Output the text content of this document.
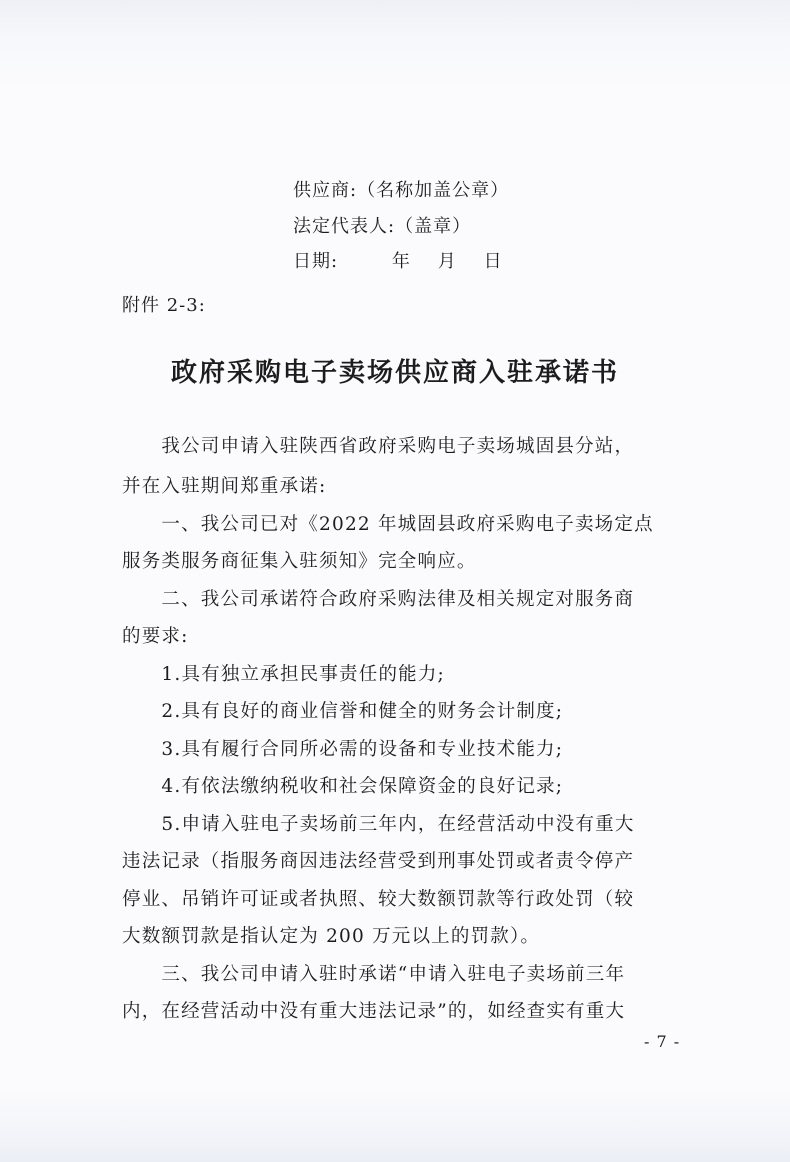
供应商:（名称加盖公章）
法定代表人:（盖章）
日期:        年    月    日
附件 2-3:
政府采购电子卖场供应商入驻承诺书
　　我公司申请入驻陕西省政府采购电子卖场城固县分站，
并在入驻期间郑重承诺:
　　一、我公司已对《2022 年城固县政府采购电子卖场定点
服务类服务商征集入驻须知》完全响应。
　　二、我公司承诺符合政府采购法律及相关规定对服务商
的要求:
　　1.具有独立承担民事责任的能力;
　　2.具有良好的商业信誉和健全的财务会计制度;
　　3.具有履行合同所必需的设备和专业技术能力;
　　4.有依法缴纳税收和社会保障资金的良好记录;
　　5.申请入驻电子卖场前三年内，在经营活动中没有重大
违法记录（指服务商因违法经营受到刑事处罚或者责令停产
停业、吊销许可证或者执照、较大数额罚款等行政处罚（较
大数额罚款是指认定为 200 万元以上的罚款）。
　　三、我公司申请入驻时承诺“申请入驻电子卖场前三年
内，在经营活动中没有重大违法记录”的，如经查实有重大
- 7 -
